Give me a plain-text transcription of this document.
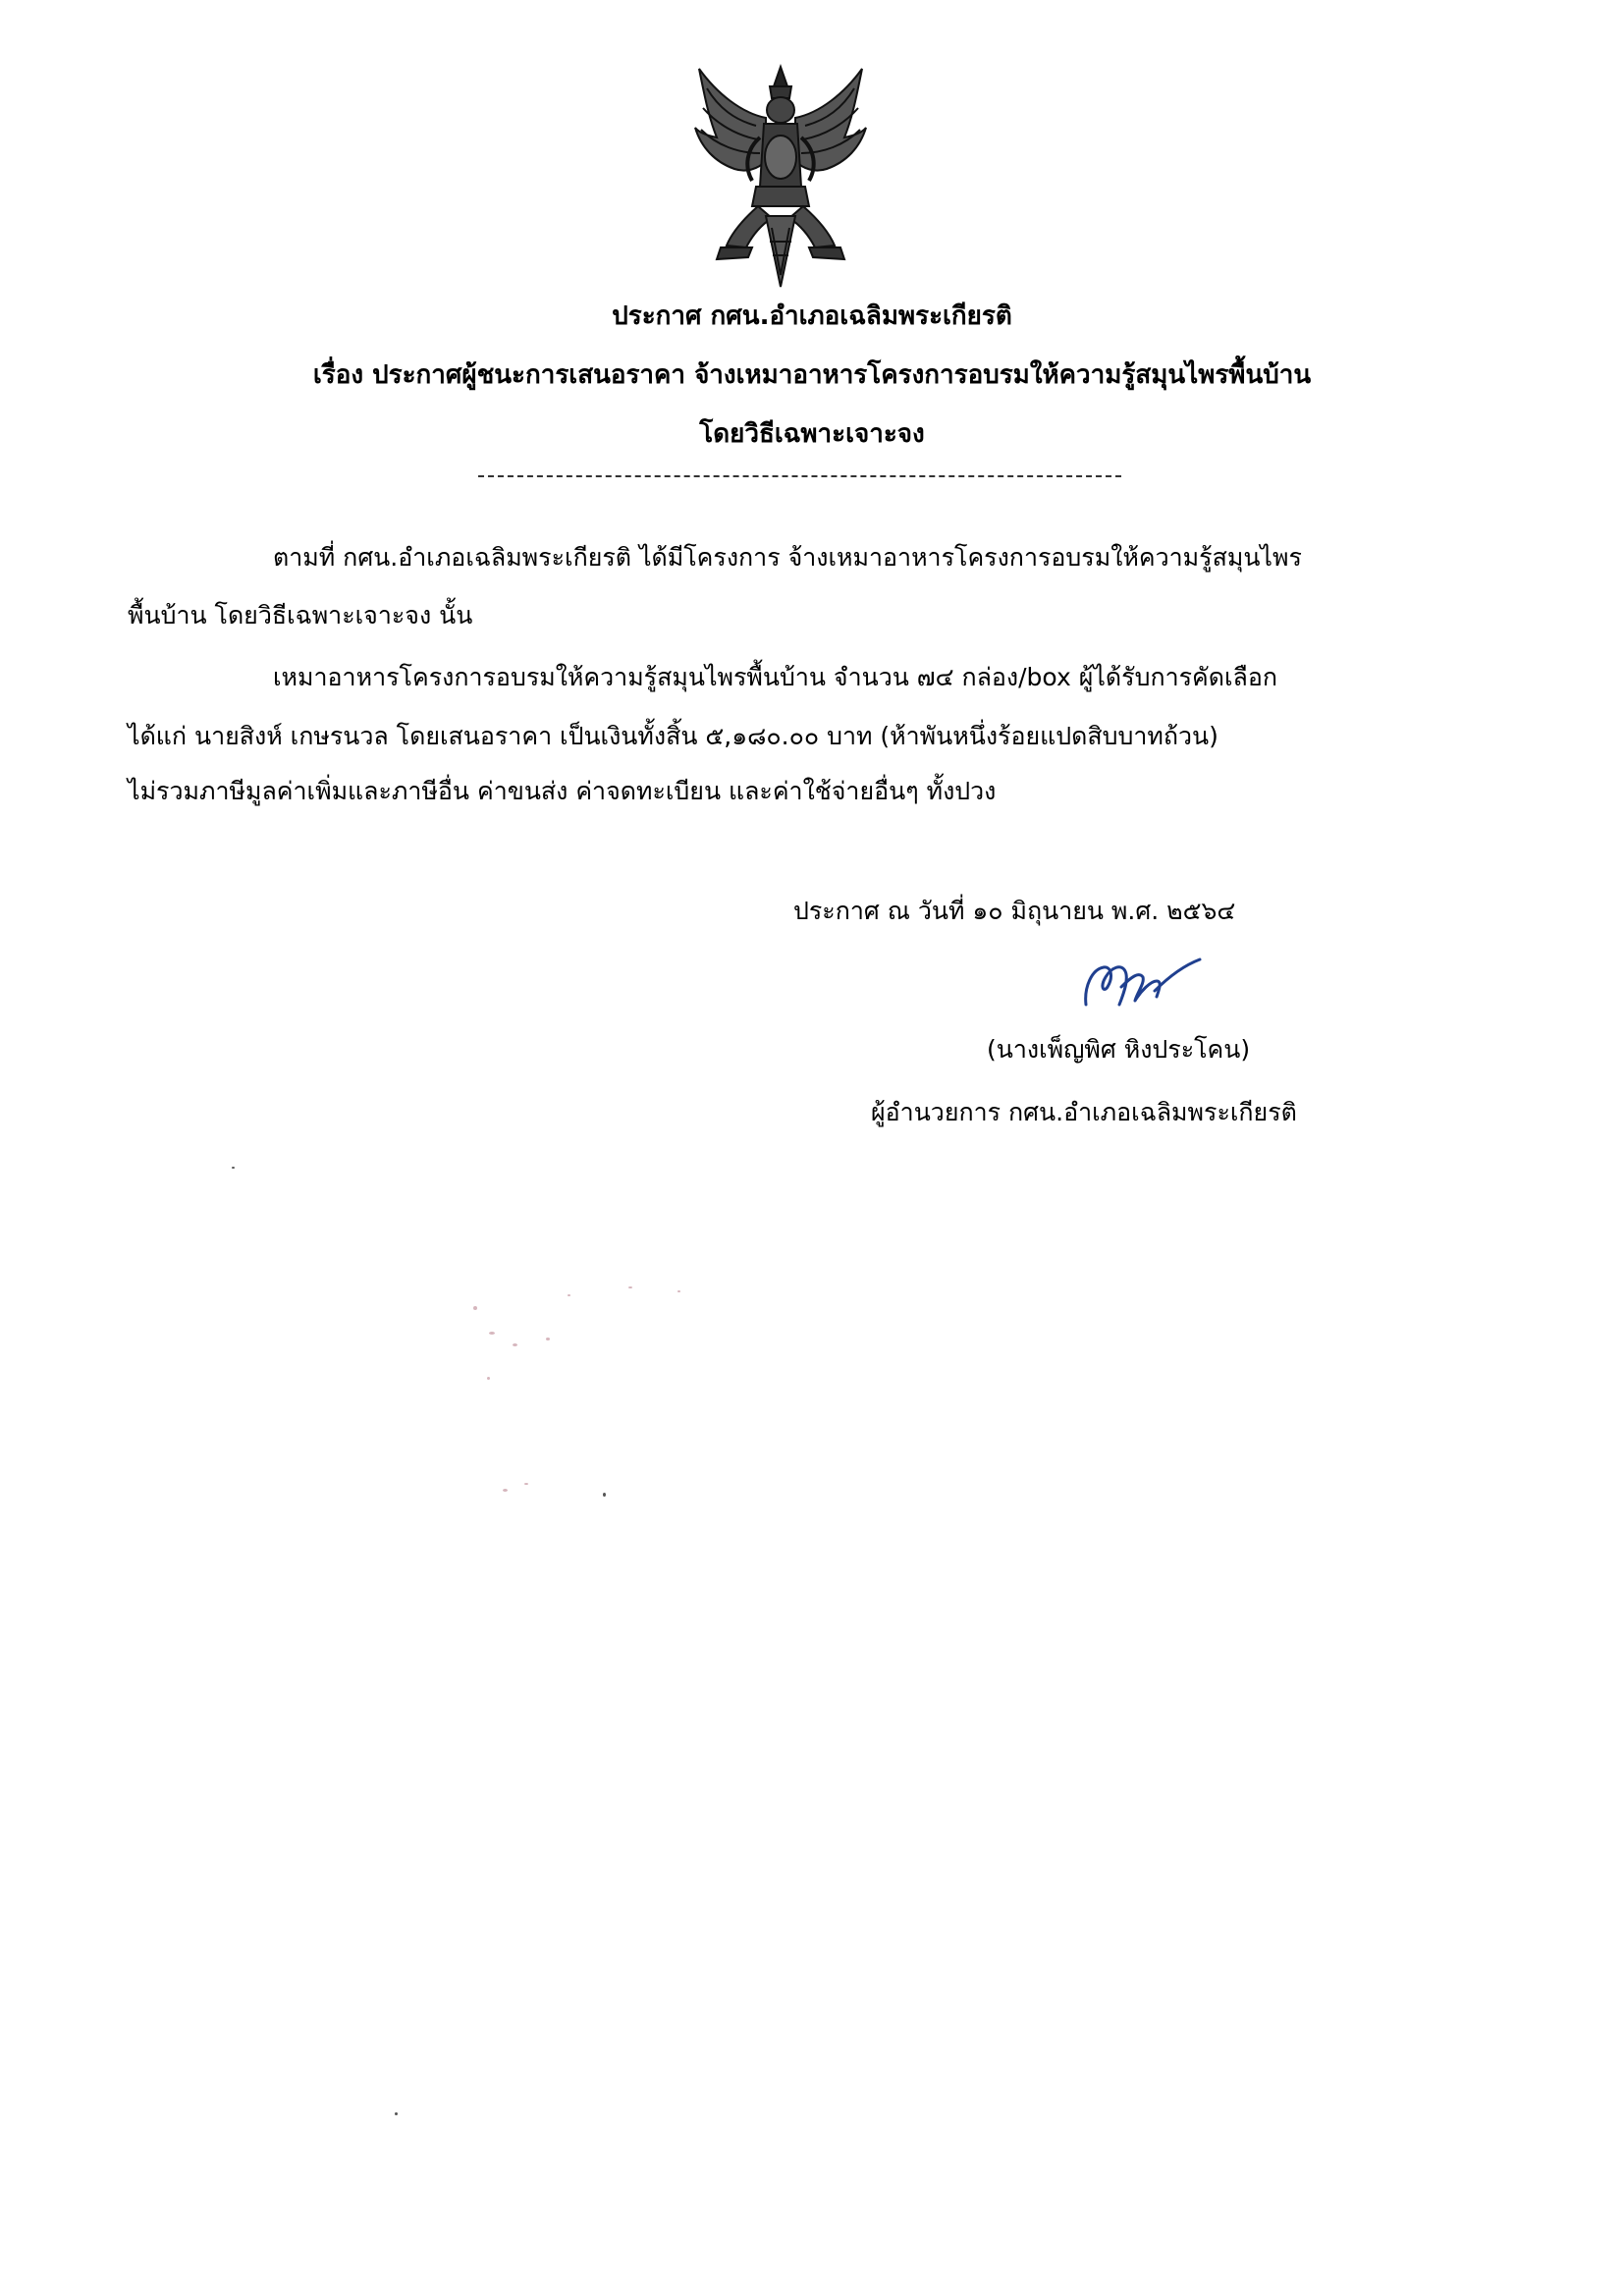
ประกาศ กศน.อำเภอเฉลิมพระเกียรติ
เรื่อง ประกาศผู้ชนะการเสนอราคา จ้างเหมาอาหารโครงการอบรมให้ความรู้สมุนไพรพื้นบ้าน
โดยวิธีเฉพาะเจาะจง
ตามที่ กศน.อำเภอเฉลิมพระเกียรติ ได้มีโครงการ จ้างเหมาอาหารโครงการอบรมให้ความรู้สมุนไพร
พื้นบ้าน โดยวิธีเฉพาะเจาะจง นั้น
เหมาอาหารโครงการอบรมให้ความรู้สมุนไพรพื้นบ้าน จำนวน ๗๔ กล่อง/box ผู้ได้รับการคัดเลือก
ได้แก่ นายสิงห์ เกษรนวล โดยเสนอราคา เป็นเงินทั้งสิ้น ๕,๑๘๐.๐๐ บาท (ห้าพันหนึ่งร้อยแปดสิบบาทถ้วน)
ไม่รวมภาษีมูลค่าเพิ่มและภาษีอื่น ค่าขนส่ง ค่าจดทะเบียน และค่าใช้จ่ายอื่นๆ ทั้งปวง
ประกาศ ณ วันที่ ๑๐ มิถุนายน พ.ศ. ๒๕๖๔
(นางเพ็ญพิศ หิงประโคน)
ผู้อำนวยการ กศน.อำเภอเฉลิมพระเกียรติ
